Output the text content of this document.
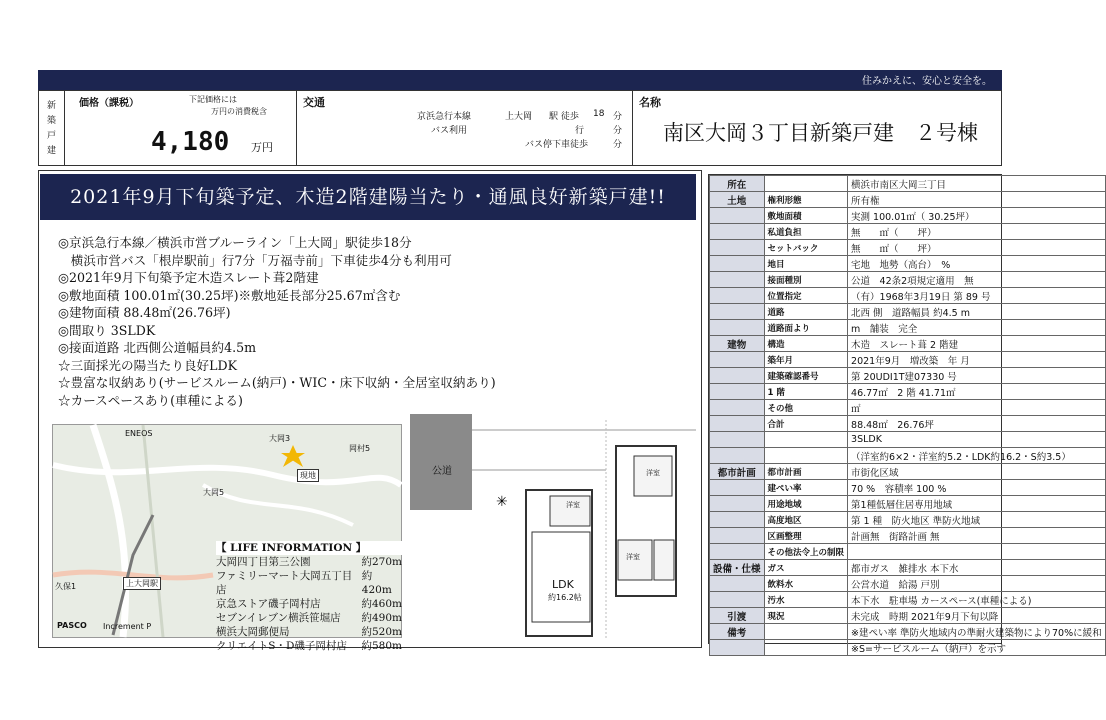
住みかえに、安心と安全を。
新
築
戸
建
価格（課税）	下記価格には
万円の消費税含
4,180 万円
交通
京浜急行本線	上大岡 駅 徒歩 18 分
バス利用	行	分
バス停下車徒歩	分
名称
南区大岡３丁目新築戸建　２号棟
2021年9月下旬築予定、木造2階建陽当たり・通風良好新築戸建!!
◎京浜急行本線／横浜市営ブルーライン「上大岡」駅徒歩18分
　横浜市営バス「根岸駅前」行7分「万福寺前」下車徒歩4分も利用可
◎2021年9月下旬築予定木造スレート葺2階建
◎敷地面積 100.01㎡(30.25坪)※敷地延長部分25.67㎡含む
◎建物面積 88.48㎡(26.76坪)
◎間取り 3SLDK
◎接面道路 北西側公道幅員約4.5m
☆三面採光の陽当たり良好LDK
☆豊富な収納あり(サービスルーム(納戸)・WIC・床下収納・全居室収納あり)
☆カースペースあり(車種による)
大岡3
岡村5
現地
大岡5
上大岡駅
久保1
ENEOS
PASCO Increment P
【 LIFE INFORMATION 】
大岡四丁目第三公園	約270m
ファミリーマート大岡五丁目店
約420m
京急ストア磯子岡村店	約460m
セブンイレブン横浜笹堀店 約490m
横浜大岡郵便局	約520m
クリエイトS・D磯子岡村店 約580m
✳
公道
LDK
約16.2帖
洋室
洋室
洋室
所在		横浜市南区大岡三丁目
土地	権利形態	所有権
	敷地面積	実測 100.01㎡（ 30.25坪）
	私道負担	無　　㎡（　　坪）
	セットバック	無　　㎡（　　坪）
	地目	宅地　地勢（高台）　%
	接面種別	公道　42条2項規定適用　無
	位置指定	（有）1968年3月19日 第 89 号
	道路	北西 側　道路幅員 約4.5 m
	道路面より	m　舗装　完全
建物	構造	木造　スレート葺 2 階建
	築年月	2021年9月　増改築　年 月
	建築確認番号	第 20UDI1T建07330 号
	1 階	46.77㎡　2 階 41.71㎡
	その他	㎡
	合計	88.48㎡　26.76坪
		3SLDK
		（洋室約6×2・洋室約5.2・LDK約16.2・S約3.5）
都市計画	都市計画	市街化区域
	建ぺい率	70 %　容積率 100 %
	用途地域	第1種低層住居専用地域
	高度地区	第 1 種　防火地区 準防火地域
	区画整理	計画無　街路計画 無
	その他法令上の制限	
設備・仕様	ガス	都市ガス　雑排水 本下水
	飲料水	公営水道　給湯 戸別
	汚水	本下水　駐車場 カースペース(車種による)
引渡	現況	未完成　時期 2021年9月下旬以降
備考		※建ぺい率 準防火地域内の準耐火建築物により70%に緩和
		※S=サービスルーム（納戸）を示す
